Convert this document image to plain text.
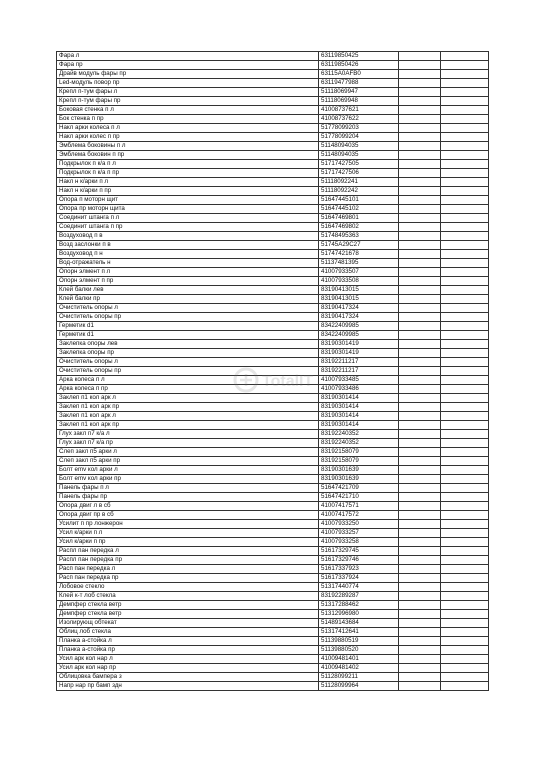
Фара л	63119850425		
Фара пр	63119850426		
Драйв модуль фары пр	63115A0AFB0		
Led-модуль повор пр	63119477988		
Крепл п-тум фары л	51118069947		
Крепл п-тум фары пр	51118069948		
Боковая стенка п л	41008737621		
Бок стенка п пр	41008737622		
Накл арки колеса п л	51778099203		
Накл арки колес п пр	51778099204		
Эмблема боковины п л	51148094035		
Эмблема боковин п пр	51148094035		
Подкрылок п к/а п л	51717427505		
Подкрылок п к/а п пр	51717427506		
Накл н к/арки п л	51118092241		
Накл н к/арки п пр	51118092242		
Опора п моторн щит	51647445101		
Опора пр моторн щита	51647445102		
Соединит штанга п л	51647469801		
Соединит штанга п пр	51647469802		
Воздуховод п в	51748495363		
Возд заслонки п в	51745A29C27		
Воздуховод п н	51747421678		
Вод-отражатель н	51137481395		
Опорн элмент п л	41007933507		
Опорн элмент п пр	41007933508		
Клей балки лев	83190413015		
Клей балки пр	83190413015		
Очиститель опоры л	83190417324		
Очиститель опоры пр	83190417324		
Герметик d1	83422409985		
Герметик d1	83422409985		
Заклепка опоры лев	83190301419		
Заклепка опоры пр	83190301419		
Очиститель опоры л	83192211217		
Очиститель опоры пр	83192211217		
Арка колеса п л	41007933485		
Арка колеса п пр	41007933486		
Заклеп п1 кол арк л	83190301414		
Заклеп п1 кол арк пр	83190301414		
Заклеп п1 кол арк л	83190301414		
Заклеп п1 кол арк пр	83190301414		
Глух закл п7 к/а л	83192240352		
Глух закл п7 к/а пр	83192240352		
Слеп закл п5 арки л	83192158079		
Слеп закл п5 арки пр	83192158079		
Болт emv кол арки л	83190301639		
Болт emv кол арки пр	83190301639		
Панель фары п л	51647421709		
Панель фары пр	51647421710		
Опора двиг л в сб	41007417571		
Опора двиг пр в сб	41007417572		
Усилит п пр лонжерон	41007933250		
Усил к/арки п л	41007933257		
Усил к/арки п пр	41007933258		
Распл пан передка л	51617329745		
Распл пан передка пр	51617329746		
Расп пан передка л	51617337923		
Расп пан передка пр	51617337924		
Лобовое стекло	51317440774		
Клей к-т лоб стекла	83192289287		
Демпфер стекла ветр	51317288462		
Демпфер стекла ветр	51312996980		
Изолирующ обтекат	51489143684		
Облиц лоб стекла	51317412641		
Планка а-стойка л	51139880519		
Планка а-стойка пр	51139880520		
Усил арк кол нар л	41009481401		
Усил арк кол нар пр	41009481402		
Облицовка бампера з	51128099211		
Напр нар пр бамп здн	51128099964		
TotalIT
